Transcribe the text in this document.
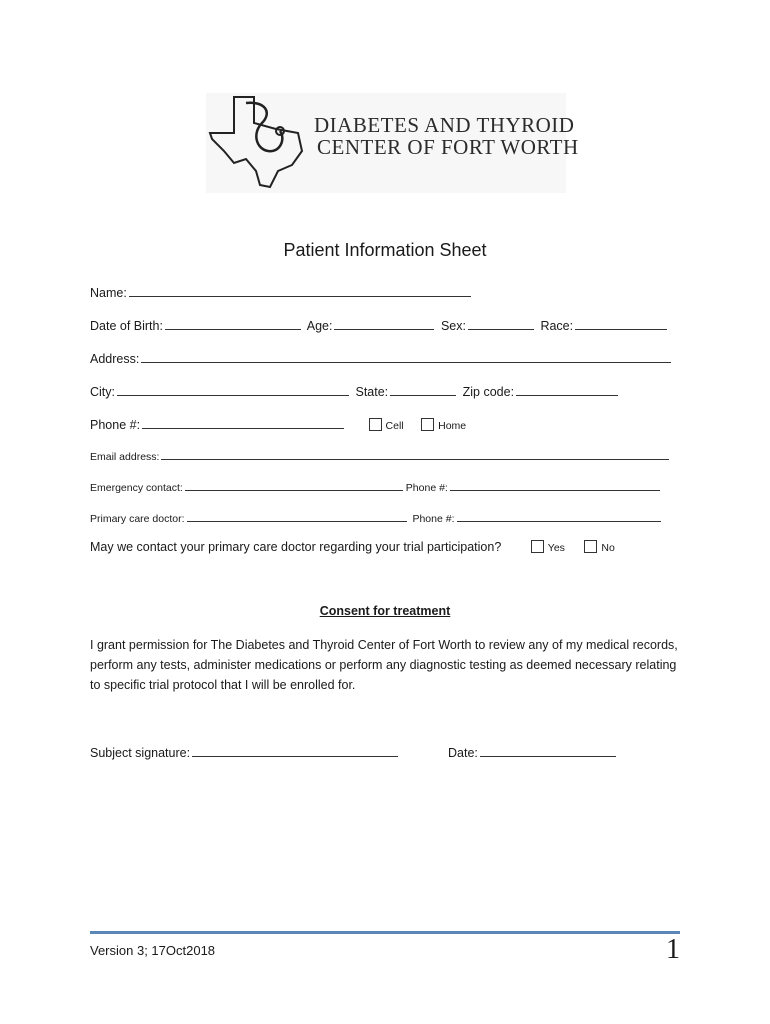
DIABETES AND THYROID
CENTER OF FORT WORTH
Patient Information Sheet
Name:
Date of Birth:	Age:	Sex:	Race:
Address:
City:	State:	Zip code:
Phone #:	Cell	Home
Email address:
Emergency contact:	Phone #:
Primary care doctor:	Phone #:
May we contact your primary care doctor regarding your trial participation?	Yes	No
Consent for treatment
I grant permission for The Diabetes and Thyroid Center of Fort Worth to review any of my medical records, perform any tests, administer medications or perform any diagnostic testing as deemed necessary relating to specific trial protocol that I will be enrolled for.
Subject signature:	Date:
Version 3; 17Oct2018	1
